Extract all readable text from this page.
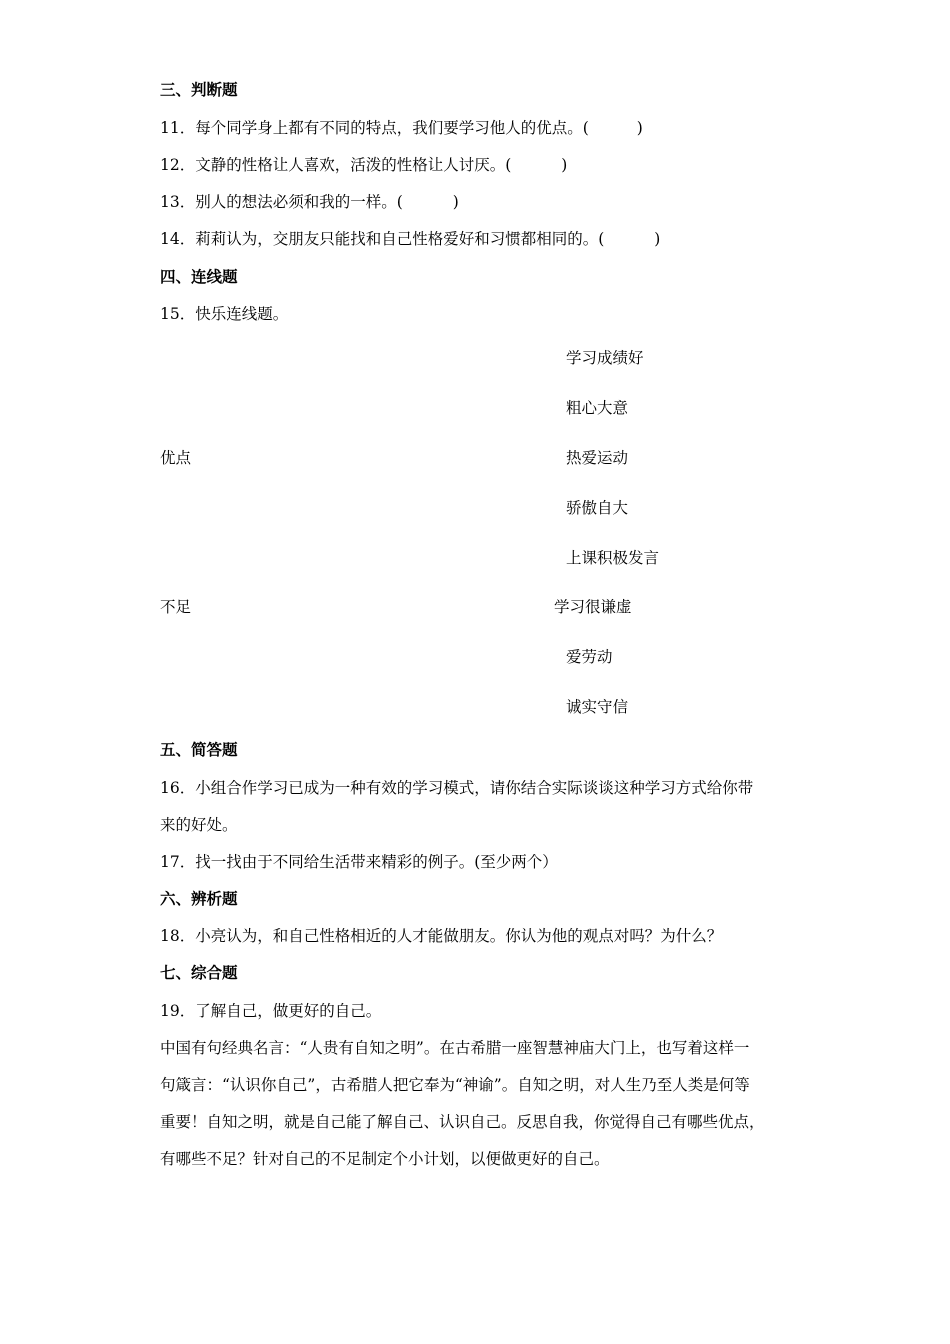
三、判断题
11．每个同学身上都有不同的特点，我们要学习他人的优点。(	)
12．文静的性格让人喜欢，活泼的性格让人讨厌。(	)
13．别人的想法必须和我的一样。(	)
14．莉莉认为，交朋友只能找和自己性格爱好和习惯都相同的。(	)
四、连线题
15．快乐连线题。
优点
不足
学习成绩好
粗心大意
热爱运动
骄傲自大
上课积极发言
学习很谦虚
爱劳动
诚实守信
五、简答题
16．小组合作学习已成为一种有效的学习模式，请你结合实际谈谈这种学习方式给你带
来的好处。
17．找一找由于不同给生活带来精彩的例子。(至少两个）
六、辨析题
18．小亮认为，和自己性格相近的人才能做朋友。你认为他的观点对吗？为什么？
七、综合题
19．了解自己，做更好的自己。
中国有句经典名言：“人贵有自知之明”。在古希腊一座智慧神庙大门上，也写着这样一
句箴言：“认识你自己”，古希腊人把它奉为“神谕”。自知之明，对人生乃至人类是何等
重要！自知之明，就是自己能了解自己、认识自己。反思自我，你觉得自己有哪些优点，
有哪些不足？针对自己的不足制定个小计划，以便做更好的自己。
